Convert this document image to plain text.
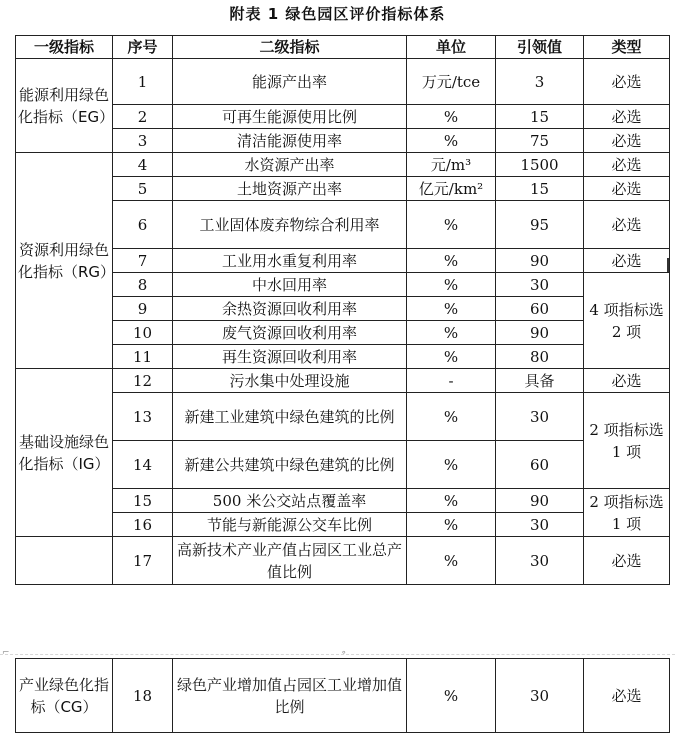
附表 1 绿色园区评价指标体系
一级指标	序号	二级指标	单位	引领值	类型
能源利用绿色化指标（EG）	1	能源产出率	万元/tce	3	必选
	2	可再生能源使用比例	%	15	必选
	3	清洁能源使用率	%	75	必选
资源利用绿色化指标（RG）	4	水资源产出率	元/m³	1500	必选
	5	土地资源产出率	亿元/km²	15	必选
	6	工业固体废弃物综合利用率	%	95	必选
	7	工业用水重复利用率	%	90	必选
	8	中水回用率	%	30	4 项指标选 2 项
	9	余热资源回收利用率	%	60	
	10	废气资源回收利用率	%	90	
	11	再生资源回收利用率	%	80	
基础设施绿色化指标（IG）	12	污水集中处理设施	-	具备	必选
	13	新建工业建筑中绿色建筑的比例	%	30	2 项指标选 1 项
	14	新建公共建筑中绿色建筑的比例	%	60	
	15	500 米公交站点覆盖率	%	90	2 项指标选 1 项
	16	节能与新能源公交车比例	%	30	
	17	高新技术产业产值占园区工业总产值比例	%	30	必选
⌐	∘
产业绿色化指标（CG）	18	绿色产业增加值占园区工业增加值比例	%	30	必选
